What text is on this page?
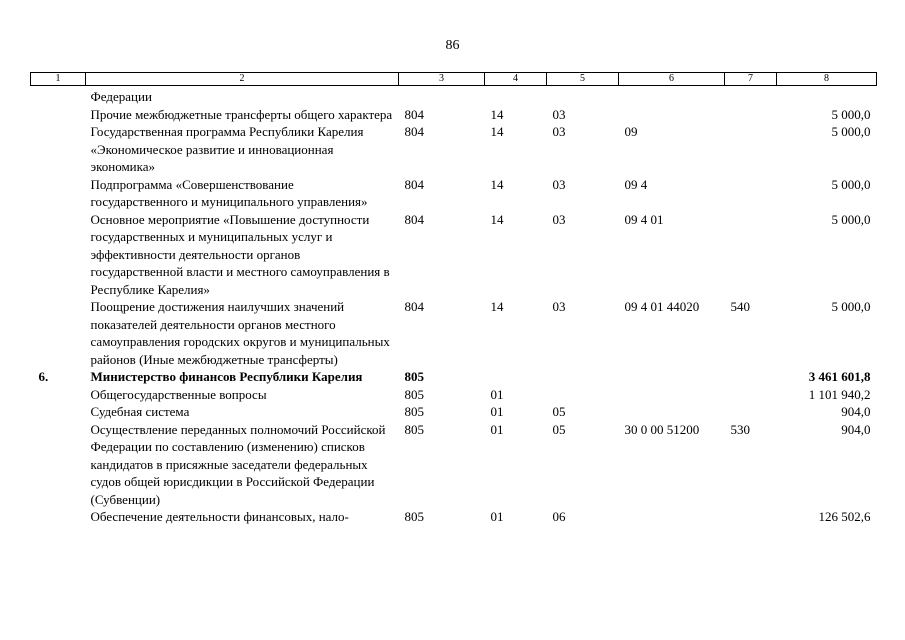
86
1	2	3	4	5	6	7	8
	Федерации						
	Прочие межбюджетные трансферты общего характера	804	14	03			5 000,0
	Государственная программа Республики Карелия «Экономическое развитие и инновационная экономика»	804	14	03	09		5 000,0
	Подпрограмма «Совершенствование государственного и муниципального управления»	804	14	03	09 4		5 000,0
	Основное мероприятие «Повышение доступности государственных и муниципальных услуг и эффективности деятельности органов государственной власти и местного самоуправления в Республике Карелия»	804	14	03	09 4 01		5 000,0
	Поощрение достижения наилучших значений показателей деятельности органов местного самоуправления городских округов и муниципальных районов (Иные межбюджетные трансферты)	804	14	03	09 4 01 44020	540	5 000,0
6.	Министерство финансов Республики Карелия	805					3 461 601,8
	Общегосударственные вопросы	805	01				1 101 940,2
	Судебная система	805	01	05			904,0
	Осуществление переданных полномочий Российской Федерации по составлению (изменению) списков кандидатов в присяжные заседатели федеральных судов общей юрисдикции в Российской Федерации (Субвенции)	805	01	05	30 0 00 51200	530	904,0
	Обеспечение деятельности финансовых, нало-	805	01	06			126 502,6
